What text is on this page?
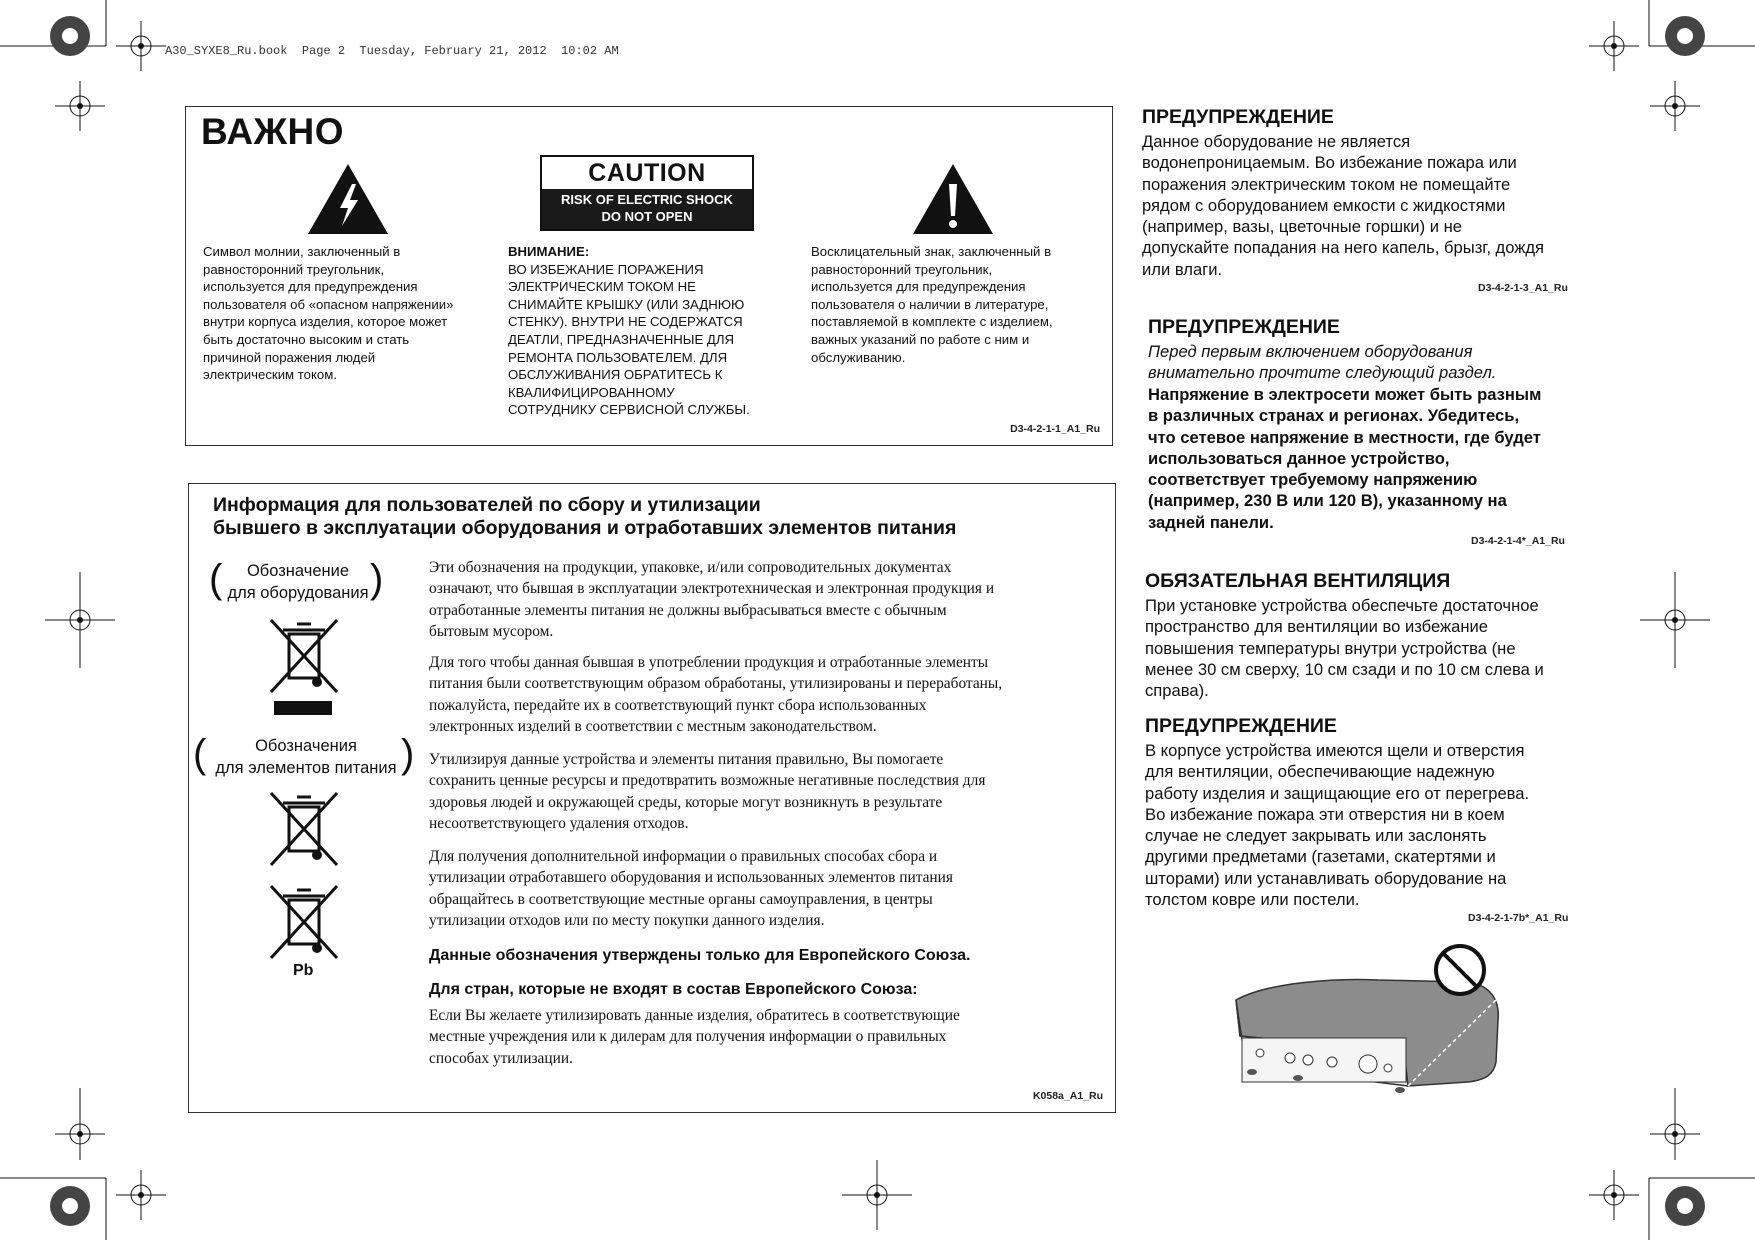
A30_SYXE8_Ru.book  Page 2  Tuesday, February 21, 2012  10:02 AM
ВАЖНО
CAUTION
RISK OF ELECTRIC SHOCK
DO NOT OPEN
Символ молнии, заключенный в
равносторонний треугольник,
используется для предупреждения
пользователя об «опасном напряжении»
внутри корпуса изделия, которое может
быть достаточно высоким и стать
причиной поражения людей
электрическим током.
ВНИМАНИЕ:
ВО ИЗБЕЖАНИЕ ПОРАЖЕНИЯ
ЭЛЕКТРИЧЕСКИМ ТОКОМ НЕ
СНИМАЙТЕ КРЫШКУ (ИЛИ ЗАДНЮЮ
СТЕНКУ). ВНУТРИ НЕ СОДЕРЖАТСЯ
ДЕАТЛИ, ПРЕДНАЗНАЧЕННЫЕ ДЛЯ
РЕМОНТА ПОЛЬЗОВАТЕЛЕМ. ДЛЯ
ОБСЛУЖИВАНИЯ ОБРАТИТЕСЬ К
КВАЛИФИЦИРОВАННОМУ
СОТРУДНИКУ СЕРВИСНОЙ СЛУЖБЫ.
Восклицательный знак, заключенный в
равносторонний треугольник,
используется для предупреждения
пользователя о наличии в литературе,
поставляемой в комплекте с изделием,
важных указаний по работе с ним и
обслуживанию.
D3-4-2-1-1_A1_Ru
Информация для пользователей по сбору и утилизации
бывшего в эксплуатации оборудования и отработавших элементов питания
(	Обозначение
для оборудования )
(	Обозначения
для элементов питания )
Pb
Эти обозначения на продукции, упаковке, и/или сопроводительных документах
означают, что бывшая в эксплуатации электротехническая и электронная продукция и
отработанные элементы питания не должны выбрасываться вместе с обычным
бытовым мусором.
Для того чтобы данная бывшая в употреблении продукция и отработанные элементы
питания были соответствующим образом обработаны, утилизированы и переработаны,
пожалуйста, передайте их в соответствующий пункт сбора использованных
электронных изделий в соответствии с местным законодательством.
Утилизируя данные устройства и элементы питания правильно, Вы помогаете
сохранить ценные ресурсы и предотвратить возможные негативные последствия для
здоровья людей и окружающей среды, которые могут возникнуть в результате
несоответствующего удаления отходов.
Для получения дополнительной информации о правильных способах сбора и
утилизации отработавшего оборудования и использованных элементов питания
обращайтесь в соответствующие местные органы самоуправления, в центры
утилизации отходов или по месту покупки данного изделия.
Данные обозначения утверждены только для Европейского Союза.
Для стран, которые не входят в состав Европейского Союза:
Если Вы желаете утилизировать данные изделия, обратитесь в соответствующие
местные учреждения или к дилерам для получения информации о правильных
способах утилизации.
K058a_A1_Ru
ПРЕДУПРЕЖДЕНИЕ
Данное оборудование не является
водонепроницаемым. Во избежание пожара или
поражения электрическим током не помещайте
рядом с оборудованием емкости с жидкостями
(например, вазы, цветочные горшки) и не
допускайте попадания на него капель, брызг, дождя
или влаги.
D3-4-2-1-3_A1_Ru
ПРЕДУПРЕЖДЕНИЕ
Перед первым включением оборудования
внимательно прочтите следующий раздел.
Напряжение в электросети может быть разным
в различных странах и регионах. Убедитесь,
что сетевое напряжение в местности, где будет
использоваться данное устройство,
соответствует требуемому напряжению
(например, 230 В или 120 В), указанному на
задней панели.
D3-4-2-1-4*_A1_Ru
ОБЯЗАТЕЛЬНАЯ ВЕНТИЛЯЦИЯ
При установке устройства обеспечьте достаточное
пространство для вентиляции во избежание
повышения температуры внутри устройства (не
менее 30 см сверху, 10 см сзади и по 10 см слева и
справа).
ПРЕДУПРЕЖДЕНИЕ
В корпусе устройства имеются щели и отверстия
для вентиляции, обеспечивающие надежную
работу изделия и защищающие его от перегрева.
Во избежание пожара эти отверстия ни в коем
случае не следует закрывать или заслонять
другими предметами (газетами, скатертями и
шторами) или устанавливать оборудование на
толстом ковре или постели.
D3-4-2-1-7b*_A1_Ru
